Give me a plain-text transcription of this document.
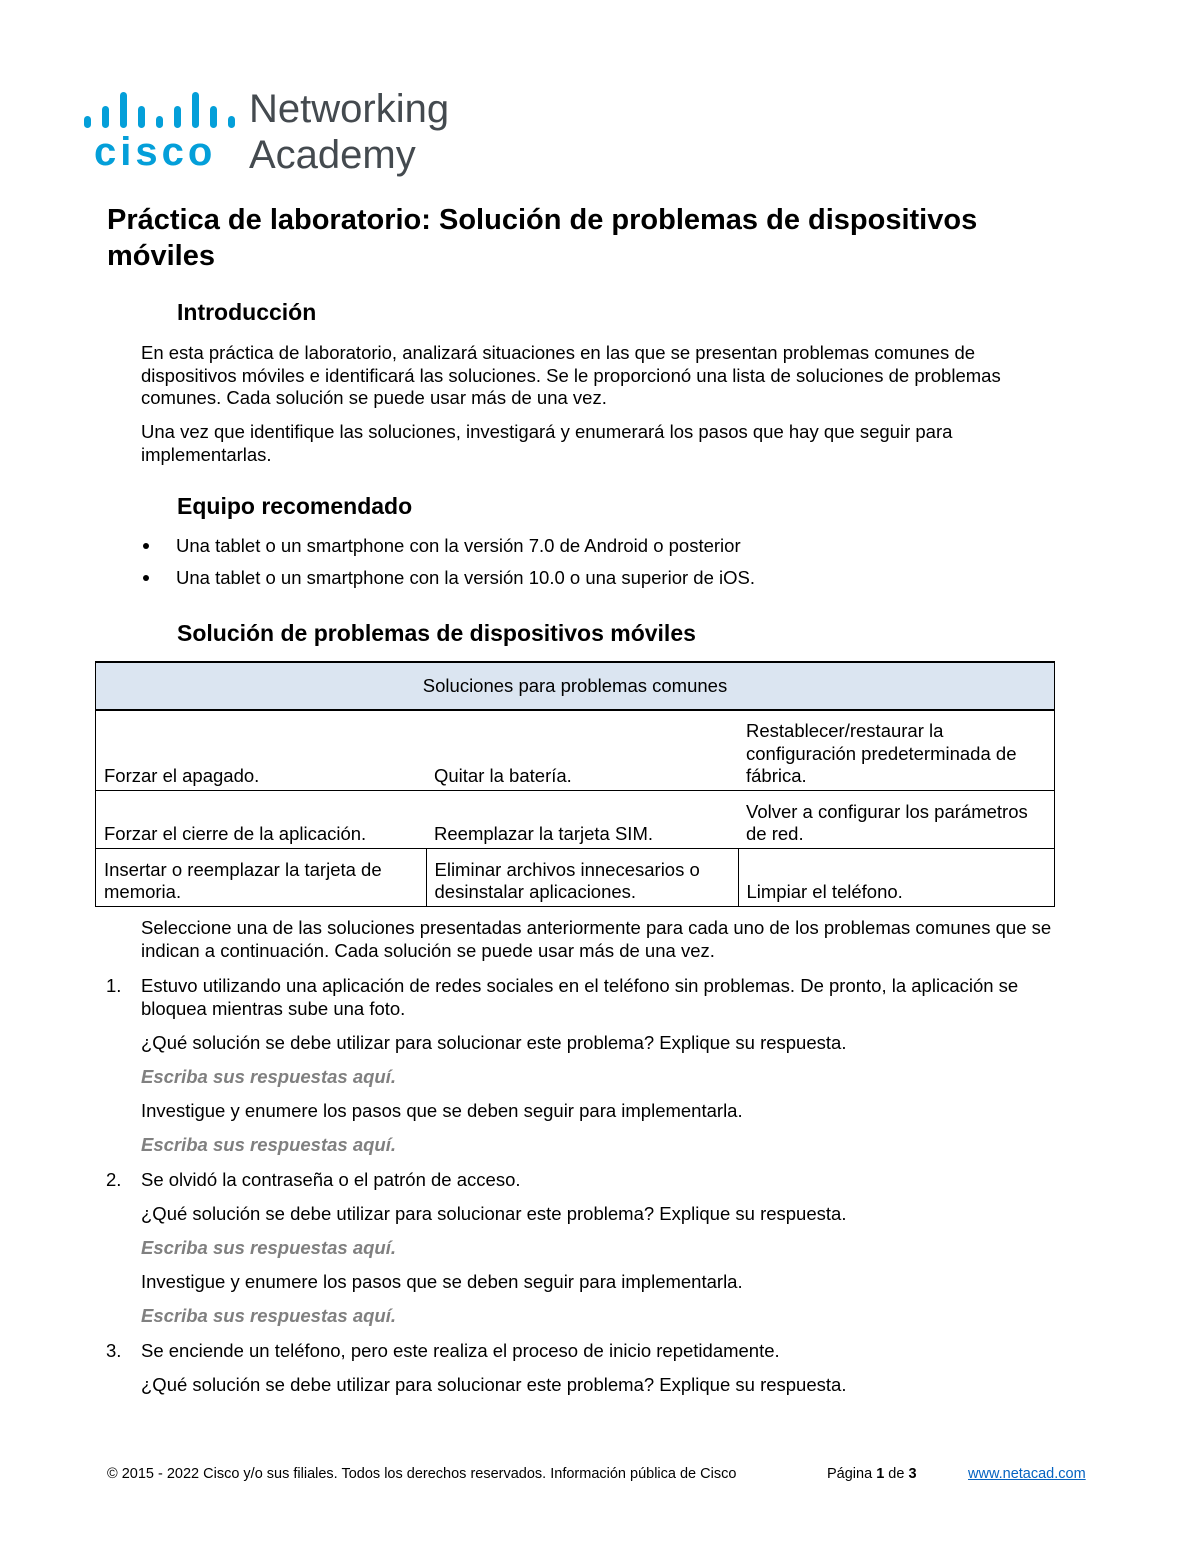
cisco
Networking
Academy
Práctica de laboratorio: Solución de problemas de dispositivos móviles
Introducción

En esta práctica de laboratorio, analizará situaciones en las que se presentan problemas comunes de dispositivos móviles e identificará las soluciones. Se le proporcionó una lista de soluciones de problemas comunes. Cada solución se puede usar más de una vez.

Una vez que identifique las soluciones, investigará y enumerará los pasos que hay que seguir para implementarlas.

Equipo recomendado
Una tablet o un smartphone con la versión 7.0 de Android o posterior
Una tablet o un smartphone con la versión 10.0 o una superior de iOS.
Solución de problemas de dispositivos móviles
Soluciones para problemas comunes		
Forzar el apagado.	Quitar la batería.	Restablecer/restaurar la configuración predeterminada de fábrica.
Forzar el cierre de la aplicación.	Reemplazar la tarjeta SIM.	Volver a configurar los parámetros de red.
Insertar o reemplazar la tarjeta de memoria.	Eliminar archivos innecesarios o desinstalar aplicaciones.	Limpiar el teléfono.

Seleccione una de las soluciones presentadas anteriormente para cada uno de los problemas comunes que se indican a continuación. Cada solución se puede usar más de una vez.

1. Estuvo utilizando una aplicación de redes sociales en el teléfono sin problemas. De pronto, la aplicación se bloquea mientras sube una foto.

¿Qué solución se debe utilizar para solucionar este problema? Explique su respuesta.

Escriba sus respuestas aquí.

Investigue y enumere los pasos que se deben seguir para implementarla.

Escriba sus respuestas aquí.
2. Se olvidó la contraseña o el patrón de acceso.

¿Qué solución se debe utilizar para solucionar este problema? Explique su respuesta.

Escriba sus respuestas aquí.

Investigue y enumere los pasos que se deben seguir para implementarla.

Escriba sus respuestas aquí.
3. Se enciende un teléfono, pero este realiza el proceso de inicio repetidamente.

¿Qué solución se debe utilizar para solucionar este problema? Explique su respuesta.

© 2015 - 2022 Cisco y/o sus filiales. Todos los derechos reservados. Información pública de Cisco	Página 1 de 3	www.netacad.com
